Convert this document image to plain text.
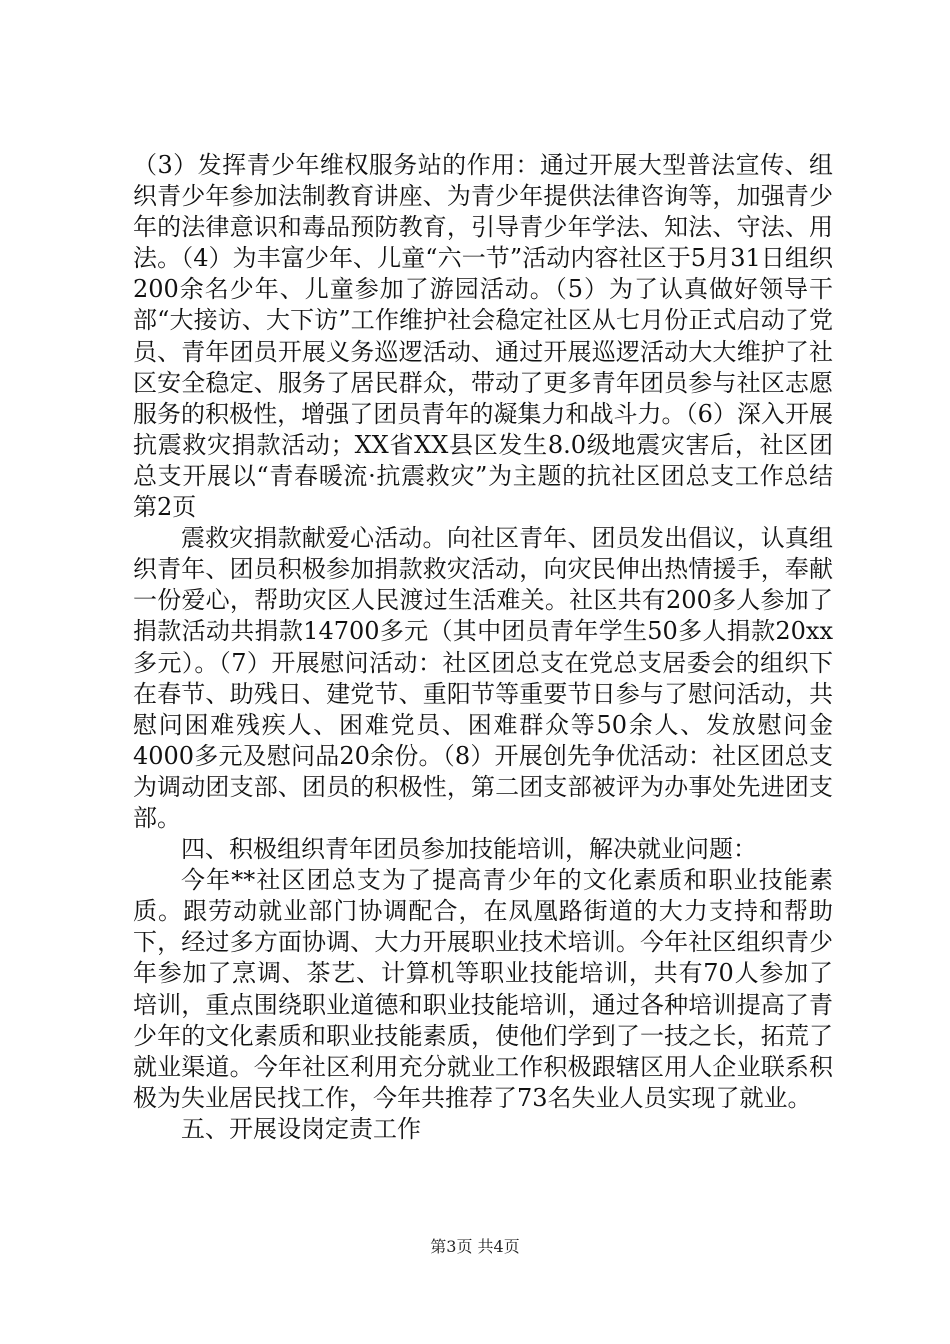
（3）发挥青少年维权服务站的作用：通过开展大型普法宣传、组织青少年参加法制教育讲座、为青少年提供法律咨询等，加强青少年的法律意识和毒品预防教育，引导青少年学法、知法、守法、用法。（4）为丰富少年、儿童“六一节”活动内容社区于5月31日组织200余名少年、儿童参加了游园活动。（5）为了认真做好领导干部“大接访、大下访”工作维护社会稳定社区从七月份正式启动了党员、青年团员开展义务巡逻活动、通过开展巡逻活动大大维护了社区安全稳定、服务了居民群众，带动了更多青年团员参与社区志愿服务的积极性，增强了团员青年的凝集力和战斗力。（6）深入开展抗震救灾捐款活动；XX省XX县区发生8.0级地震灾害后，社区团总支开展以“青春暖流·抗震救灾”为主题的抗社区团总支工作总结第2页

震救灾捐款献爱心活动。向社区青年、团员发出倡议，认真组织青年、团员积极参加捐款救灾活动，向灾民伸出热情援手，奉献一份爱心，帮助灾区人民渡过生活难关。社区共有200多人参加了捐款活动共捐款14700多元（其中团员青年学生50多人捐款20xx多元）。（7）开展慰问活动：社区团总支在党总支居委会的组织下在春节、助残日、建党节、重阳节等重要节日参与了慰问活动，共慰问困难残疾人、困难党员、困难群众等50余人、发放慰问金4000多元及慰问品20余份。（8）开展创先争优活动：社区团总支为调动团支部、团员的积极性，第二团支部被评为办事处先进团支部。

四、积极组织青年团员参加技能培训，解决就业问题：

今年**社区团总支为了提高青少年的文化素质和职业技能素质。跟劳动就业部门协调配合，在凤凰路街道的大力支持和帮助下，经过多方面协调、大力开展职业技术培训。今年社区组织青少年参加了烹调、茶艺、计算机等职业技能培训，共有70人参加了培训，重点围绕职业道德和职业技能培训，通过各种培训提高了青少年的文化素质和职业技能素质，使他们学到了一技之长，拓荒了就业渠道。今年社区利用充分就业工作积极跟辖区用人企业联系积极为失业居民找工作，今年共推荐了73名失业人员实现了就业。

五、开展设岗定责工作

第3页 共4页
